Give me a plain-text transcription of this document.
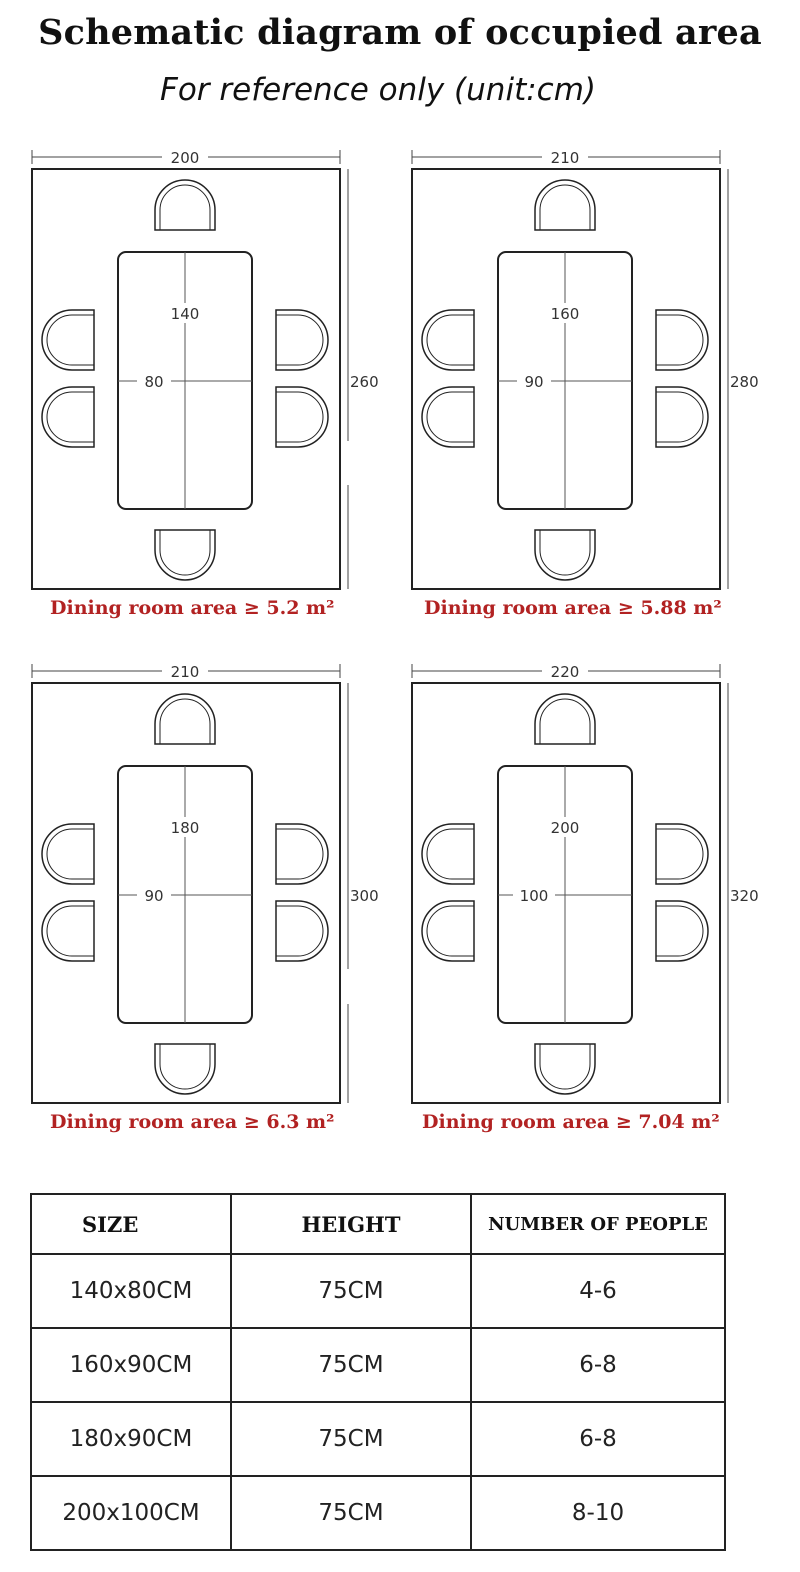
Schematic diagram of occupied area
For reference only (unit:cm)
200
260
140
80
Dining room area ≥ 5.2 m²
210
280
160
90
Dining room area ≥ 5.88 m²
210
300
180
90
Dining room area ≥ 6.3 m²
220
320
200
100
Dining room area ≥ 7.04 m²
SIZE	HEIGHT	NUMBER OF PEOPLE
140x80CM	75CM	4-6
160x90CM	75CM	6-8
180x90CM	75CM	6-8
200x100CM	75CM	8-10
